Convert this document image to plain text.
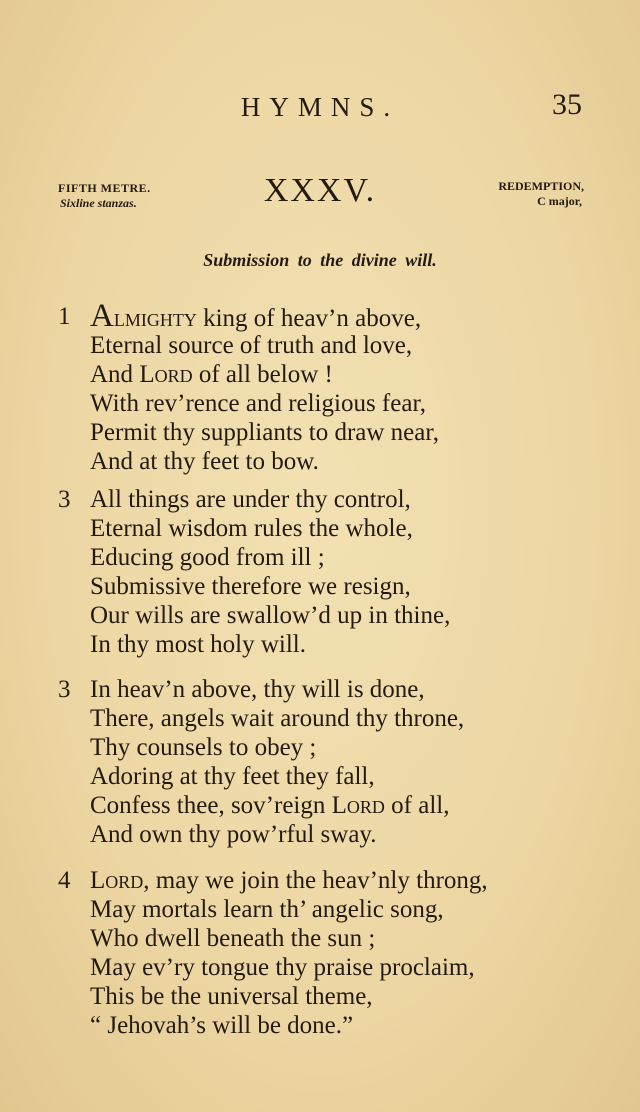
HYMNS.	35
FIFTH METRE.
Sixline stanzas.	XXXV.	REDEMPTION,
C major,
Submission to the divine will.
1 Almighty king of heav’n above,
Eternal source of truth and love,
And Lord of all below !
With rev’rence and religious fear,
Permit thy suppliants to draw near,
And at thy feet to bow.
3 All things are under thy control,
Eternal wisdom rules the whole,
Educing good from ill ;
Submissive therefore we resign,
Our wills are swallow’d up in thine,
In thy most holy will.
3 In heav’n above, thy will is done,
There, angels wait around thy throne,
Thy counsels to obey ;
Adoring at thy feet they fall,
Confess thee, sov’reign Lord of all,
And own thy pow’rful sway.
4 Lord, may we join the heav’nly throng,
May mortals learn th’ angelic song,
Who dwell beneath the sun ;
May ev’ry tongue thy praise proclaim,
This be the universal theme,
“ Jehovah’s will be done.”
